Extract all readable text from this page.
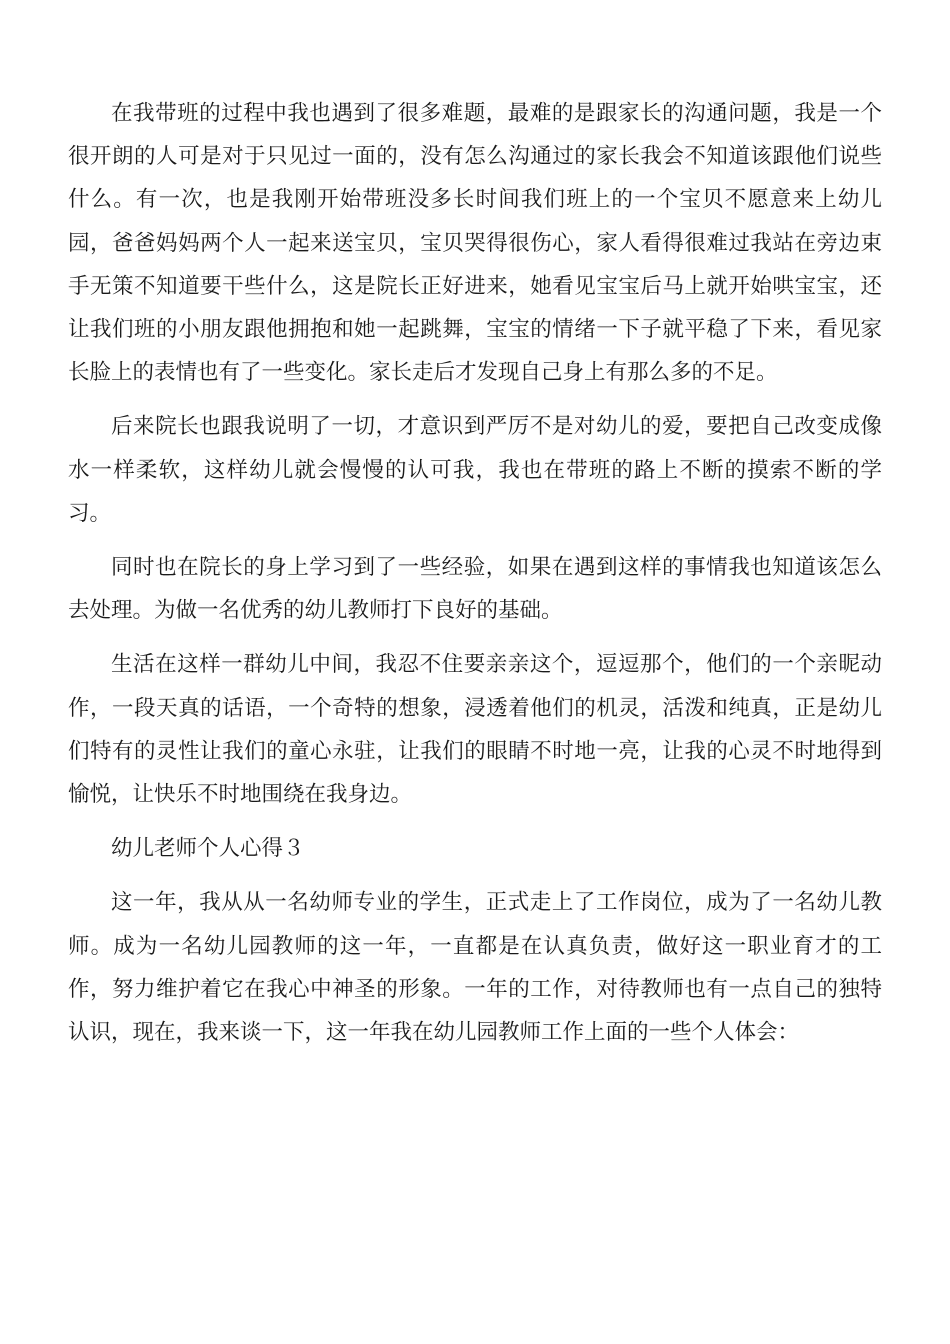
在我带班的过程中我也遇到了很多难题，最难的是跟家长的沟通问题，我是一个很开朗的人可是对于只见过一面的，没有怎么沟通过的家长我会不知道该跟他们说些什么。有一次，也是我刚开始带班没多长时间我们班上的一个宝贝不愿意来上幼儿园，爸爸妈妈两个人一起来送宝贝，宝贝哭得很伤心，家人看得很难过我站在旁边束手无策不知道要干些什么，这是院长正好进来，她看见宝宝后马上就开始哄宝宝，还让我们班的小朋友跟他拥抱和她一起跳舞，宝宝的情绪一下子就平稳了下来，看见家长脸上的表情也有了一些变化。家长走后才发现自己身上有那么多的不足。

后来院长也跟我说明了一切，才意识到严厉不是对幼儿的爱，要把自己改变成像水一样柔软，这样幼儿就会慢慢的认可我，我也在带班的路上不断的摸索不断的学习。

同时也在院长的身上学习到了一些经验，如果在遇到这样的事情我也知道该怎么去处理。为做一名优秀的幼儿教师打下良好的基础。

生活在这样一群幼儿中间，我忍不住要亲亲这个，逗逗那个，他们的一个亲昵动作，一段天真的话语，一个奇特的想象，浸透着他们的机灵，活泼和纯真，正是幼儿们特有的灵性让我们的童心永驻，让我们的眼睛不时地一亮，让我的心灵不时地得到愉悦，让快乐不时地围绕在我身边。

幼儿老师个人心得３

这一年，我从从一名幼师专业的学生，正式走上了工作岗位，成为了一名幼儿教师。成为一名幼儿园教师的这一年，一直都是在认真负责，做好这一职业育才的工作，努力维护着它在我心中神圣的形象。一年的工作，对待教师也有一点自己的独特认识，现在，我来谈一下，这一年我在幼儿园教师工作上面的一些个人体会：
